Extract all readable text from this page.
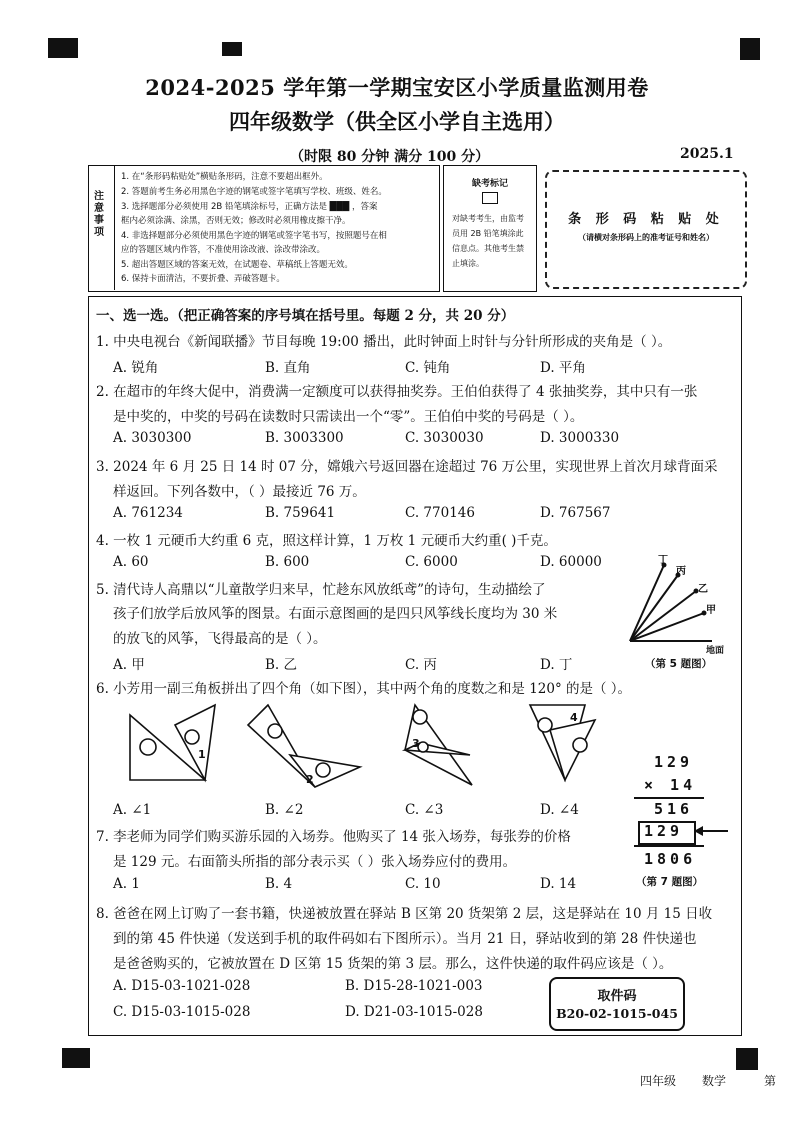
2024-2025 学年第一学期宝安区小学质量监测用卷
四年级数学（供全区小学自主选用）
（时限 80 分钟 满分 100 分）	2025.1
1. 在“条形码粘贴处”横贴条形码，注意不要超出框外。
2. 答题前考生务必用黑色字迹的钢笔或签字笔填写学校、班级、姓名。
3. 选择题部分必须使用 2B 铅笔填涂标号，正确方法是 ███ ，答案
框内必须涂满、涂黑，否则无效；修改时必须用橡皮擦干净。
4. 非选择题部分必须使用黑色字迹的钢笔或签字笔书写，按照题号在相
应的答题区域内作答，不准使用涂改液、涂改带涂改。
5. 超出答题区域的答案无效，在试题卷、草稿纸上答题无效。
6. 保持卡面清洁，不要折叠、弄破答题卡。
注意事项
缺考标记
对缺考考生，由监考员用 2B 铅笔填涂此信息点。其他考生禁止填涂。
条 形 码 粘 贴 处
（请横对条形码上的准考证号和姓名）
一、选一选。（把正确答案的序号填在括号里。每题 2 分，共 20 分）
1. 中央电视台《新闻联播》节目每晚 19:00 播出，此时钟面上时针与分针所形成的夹角是（ ）。
A. 锐角	B. 直角	C. 钝角	D. 平角
2. 在超市的年终大促中，消费满一定额度可以获得抽奖券。王伯伯获得了 4 张抽奖券，其中只有一张
是中奖的，中奖的号码在读数时只需读出一个“零”。王伯伯中奖的号码是（ ）。
A. 3030300	B. 3003300	C. 3030030	D. 3000330
3. 2024 年 6 月 25 日 14 时 07 分，嫦娥六号返回器在途超过 76 万公里，实现世界上首次月球背面采
样返回。下列各数中，（ ）最接近 76 万。
A. 761234	B. 759641	C. 770146	D. 767567
4. 一枚 1 元硬币大约重 6 克，照这样计算，1 万枚 1 元硬币大约重( )千克。
A. 60	B. 600	C. 6000	D. 60000
5. 清代诗人高鼎以“儿童散学归来早，忙趁东风放纸鸢”的诗句，生动描绘了
孩子们放学后放风筝的图景。右面示意图画的是四只风筝线长度均为 30 米
的放飞的风筝，飞得最高的是（ ）。
A. 甲	B. 乙	C. 丙	D. 丁
丁
丙
乙
甲
地面
（第 5 题图）
6. 小芳用一副三角板拼出了四个角（如下图），其中两个角的度数之和是 120° 的是（ ）。
1
2
3
4
A. ∠1	B. ∠2	C. ∠3	D. ∠4
129
× 14
516
129
1806
（第 7 题图）
7. 李老师为同学们购买游乐园的入场券。他购买了 14 张入场券，每张券的价格
是 129 元。右面箭头所指的部分表示买（ ）张入场券应付的费用。
A. 1	B. 4	C. 10	D. 14
8. 爸爸在网上订购了一套书籍，快递被放置在驿站 B 区第 20 货架第 2 层，这是驿站在 10 月 15 日收
到的第 45 件快递（发送到手机的取件码如右下图所示）。当月 21 日，驿站收到的第 28 件快递也
是爸爸购买的，它被放置在 D 区第 15 货架的第 3 层。那么，这件快递的取件码应该是（ ）。
A. D15-03-1021-028	B. D15-28-1021-003
C. D15-03-1015-028	D. D21-03-1015-028
取件码
B20-02-1015-045
四年级 数学	第
